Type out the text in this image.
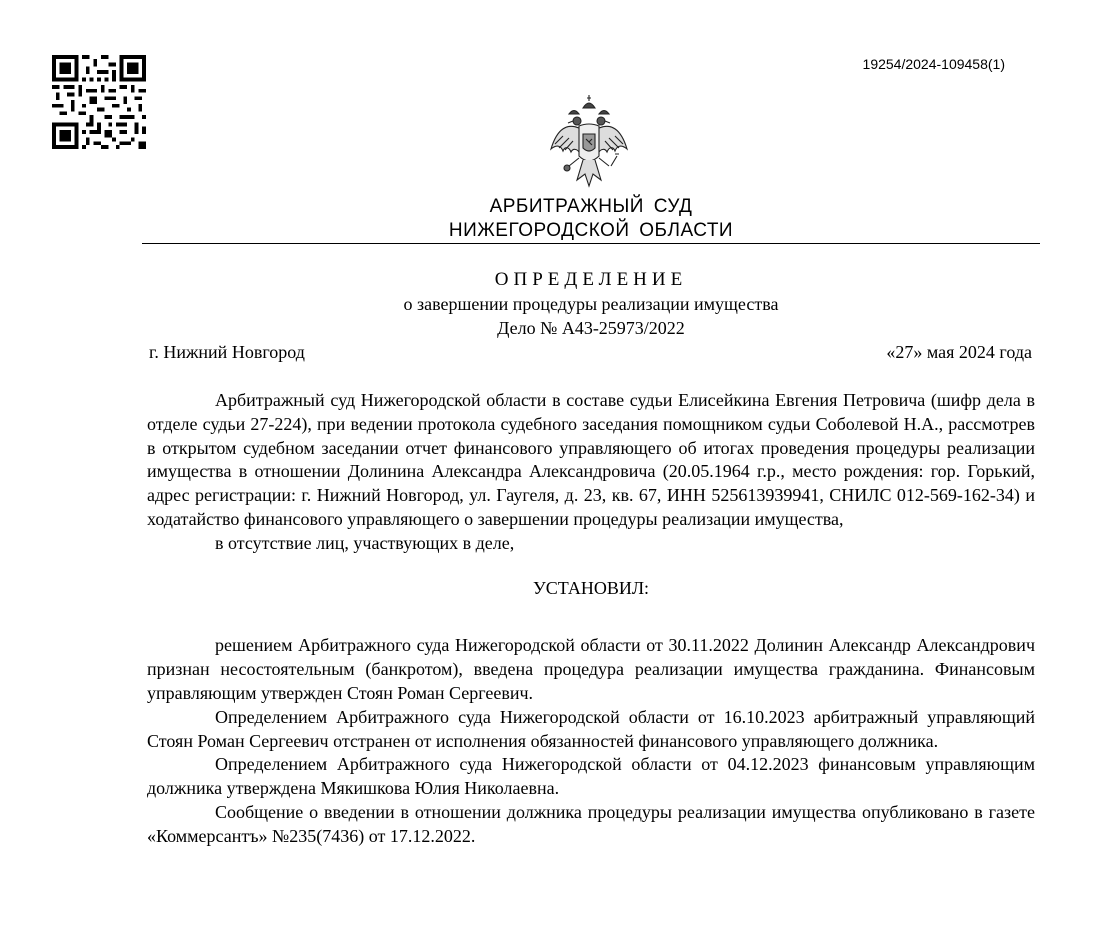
19254/2024-109458(1)
АРБИТРАЖНЫЙ СУД
НИЖЕГОРОДСКОЙ ОБЛАСТИ
ОПРЕДЕЛЕНИЕ
о завершении процедуры реализации имущества
Дело № А43-25973/2022
г. Нижний Новгород	«27» мая 2024 года

Арбитражный суд Нижегородской области в составе судьи Елисейкина Евгения Петровича (шифр дела в отделе судьи 27-224), при ведении протокола судебного заседания помощником судьи Соболевой Н.А., рассмотрев в открытом судебном заседании отчет финансового управляющего об итогах проведения процедуры реализации имущества в отношении Долинина Александра Александровича (20.05.1964 г.р., место рождения: гор. Горький, адрес регистрации: г. Нижний Новгород, ул. Гаугеля, д. 23, кв. 67, ИНН 525613939941, СНИЛС 012-569-162-34) и ходатайство финансового управляющего о завершении процедуры реализации имущества,

в отсутствие лиц, участвующих в деле,

УСТАНОВИЛ:

решением Арбитражного суда Нижегородской области от 30.11.2022 Долинин Александр Александрович признан несостоятельным (банкротом), введена процедура реализации имущества гражданина. Финансовым управляющим утвержден Стоян Роман Сергеевич.

Определением Арбитражного суда Нижегородской области от 16.10.2023 арбитражный управляющий Стоян Роман Сергеевич отстранен от исполнения обязанностей финансового управляющего должника.

Определением Арбитражного суда Нижегородской области от 04.12.2023 финансовым управляющим должника утверждена Мякишкова Юлия Николаевна.

Сообщение о введении в отношении должника процедуры реализации имущества опубликовано в газете «Коммерсантъ» №235(7436) от 17.12.2022.
